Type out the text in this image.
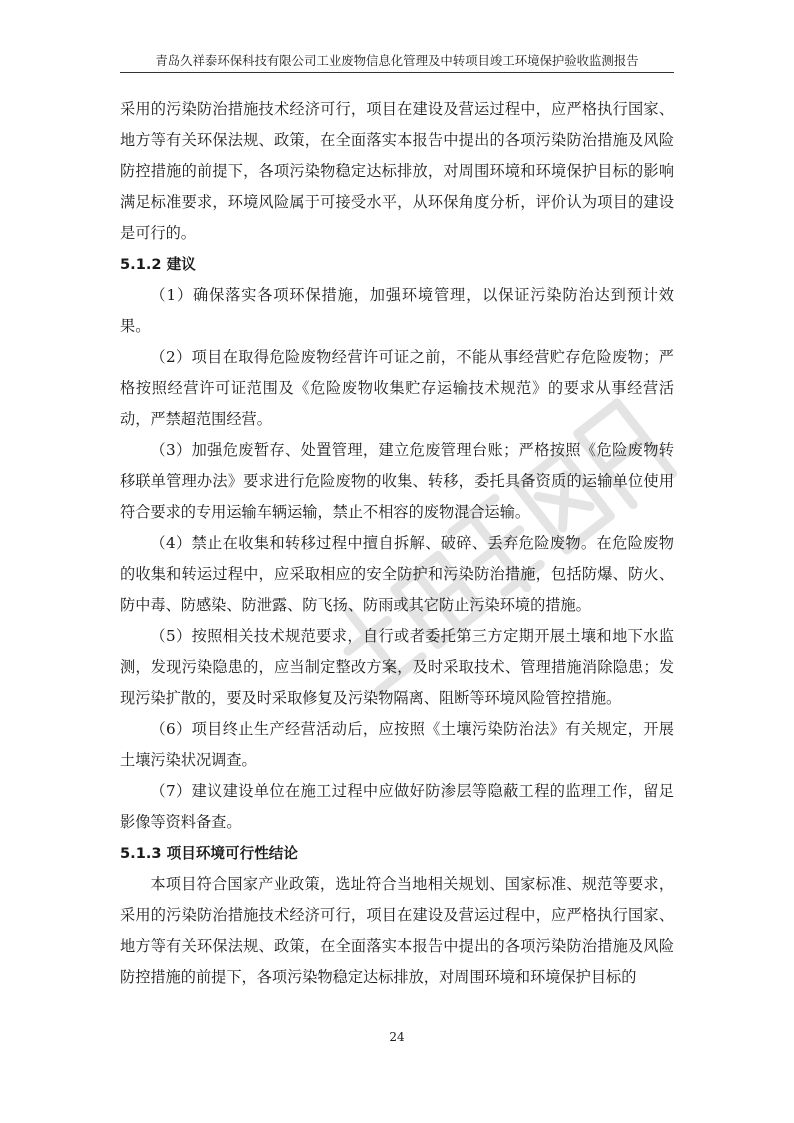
青岛久祥泰环保科技有限公司工业废物信息化管理及中转项目竣工环境保护验收监测报告

采用的污染防治措施技术经济可行，项目在建设及营运过程中，应严格执行国家、地方等有关环保法规、政策，在全面落实本报告中提出的各项污染防治措施及风险防控措施的前提下，各项污染物稳定达标排放，对周围环境和环境保护目标的影响满足标准要求，环境风险属于可接受水平，从环保角度分析，评价认为项目的建设是可行的。

5.1.2 建议

（1）确保落实各项环保措施，加强环境管理，以保证污染防治达到预计效果。

（2）项目在取得危险废物经营许可证之前，不能从事经营贮存危险废物；严格按照经营许可证范围及《危险废物收集贮存运输技术规范》的要求从事经营活动，严禁超范围经营。

（3）加强危废暂存、处置管理，建立危废管理台账；严格按照《危险废物转移联单管理办法》要求进行危险废物的收集、转移，委托具备资质的运输单位使用符合要求的专用运输车辆运输，禁止不相容的废物混合运输。

（4）禁止在收集和转移过程中擅自拆解、破碎、丢弃危险废物。在危险废物的收集和转运过程中，应采取相应的安全防护和污染防治措施，包括防爆、防火、防中毒、防感染、防泄露、防飞扬、防雨或其它防止污染环境的措施。

（5）按照相关技术规范要求，自行或者委托第三方定期开展土壤和地下水监测，发现污染隐患的，应当制定整改方案，及时采取技术、管理措施消除隐患；发现污染扩散的，要及时采取修复及污染物隔离、阻断等环境风险管控措施。

（6）项目终止生产经营活动后，应按照《土壤污染防治法》有关规定，开展土壤污染状况调查。

（7）建议建设单位在施工过程中应做好防渗层等隐蔽工程的监理工作，留足影像等资料备查。

5.1.3 项目环境可行性结论

本项目符合国家产业政策，选址符合当地相关规划、国家标准、规范等要求，采用的污染防治措施技术经济可行，项目在建设及营运过程中，应严格执行国家、地方等有关环保法规、政策，在全面落实本报告中提出的各项污染防治措施及风险防控措施的前提下，各项污染物稳定达标排放，对周围环境和环境保护目标的

24
